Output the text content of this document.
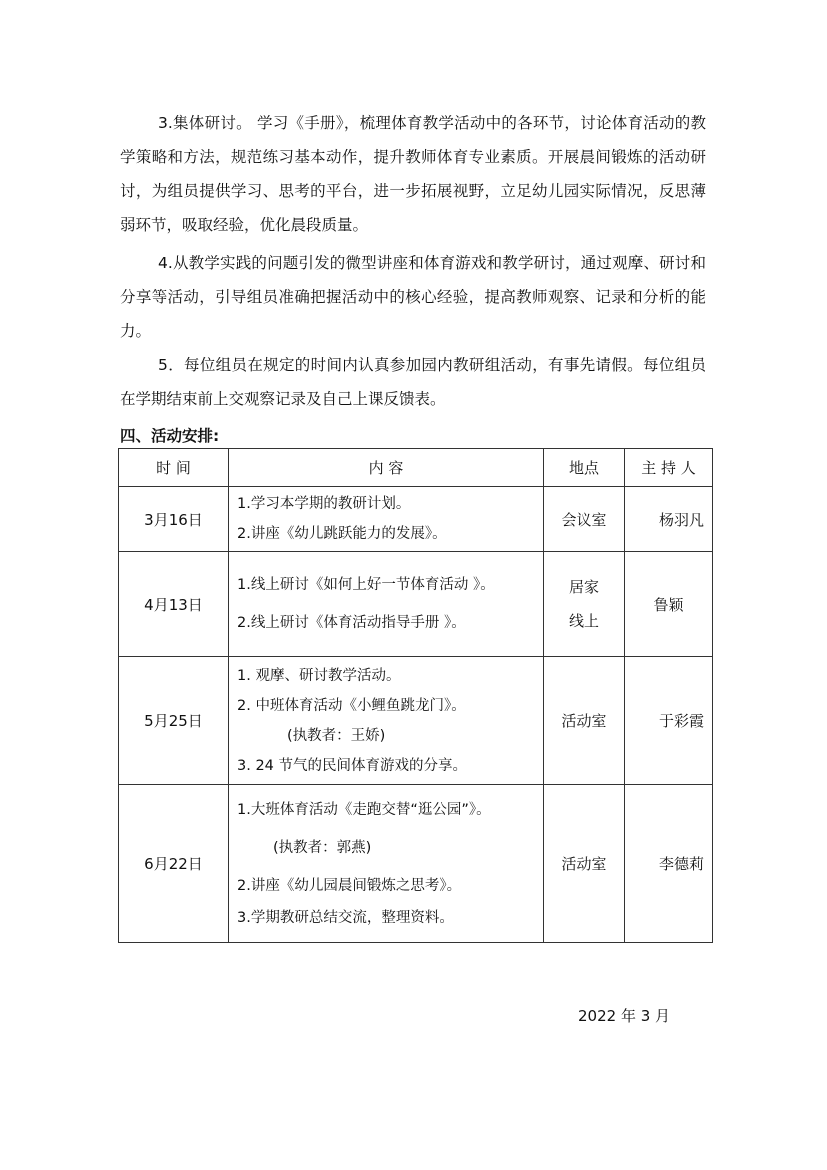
3.集体研讨。 学习《手册》，梳理体育教学活动中的各环节，讨论体育活动的教学策略和方法，规范练习基本动作，提升教师体育专业素质。开展晨间锻炼的活动研讨，为组员提供学习、思考的平台，进一步拓展视野，立足幼儿园实际情况，反思薄弱环节，吸取经验，优化晨段质量。

4.从教学实践的问题引发的微型讲座和体育游戏和教学研讨，通过观摩、研讨和分享等活动，引导组员准确把握活动中的核心经验，提高教师观察、记录和分析的能力。

5．每位组员在规定的时间内认真参加园内教研组活动，有事先请假。每位组员在学期结束前上交观察记录及自己上课反馈表。

四、活动安排:

时 间	内 容	地点	主 持 人
3月16日	1.学习本学期的教研计划。
2.讲座《幼儿跳跃能力的发展》。	会议室	杨羽凡
4月13日	1.线上研讨《如何上好一节体育活动 》。
2.线上研讨《体育活动指导手册 》。	居家
线上	鲁颖
5月25日	1. 观摩、研讨教学活动。
2. 中班体育活动《小鲤鱼跳龙门》。
(执教者：王娇)
3. 24 节气的民间体育游戏的分享。	活动室	于彩霞
6月22日	1.大班体育活动《走跑交替“逛公园”》。
(执教者：郭燕)
2.讲座《幼儿园晨间锻炼之思考》。
3.学期教研总结交流，整理资料。	活动室	李德莉
2022 年 3 月
